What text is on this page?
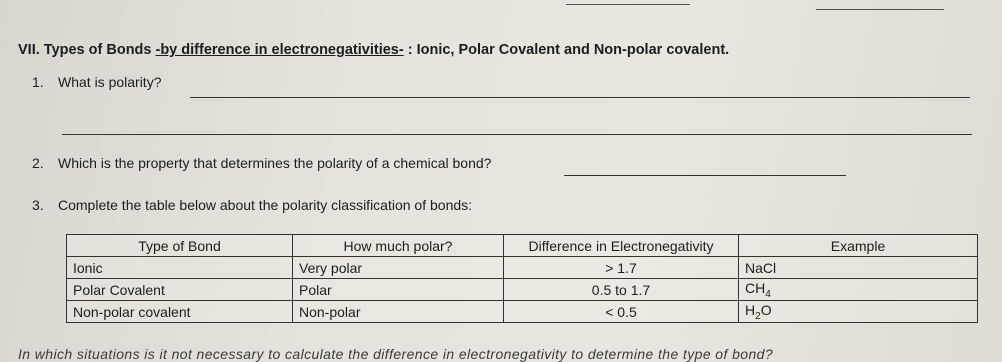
VII. Types of Bonds -by difference in electronegativities- : Ionic, Polar Covalent and Non-polar covalent.
1. What is polarity?
2. Which is the property that determines the polarity of a chemical bond?
3. Complete the table below about the polarity classification of bonds:
Type of Bond	How much polar?	Difference in Electronegativity	Example
Ionic	Very polar	> 1.7	NaCl
Polar Covalent	Polar	0.5 to 1.7	$CH_4$
Non-polar covalent	Non-polar	< 0.5	$H_2O$
In which situations is it not necessary to calculate the difference in electronegativity to determine the type of bond?
